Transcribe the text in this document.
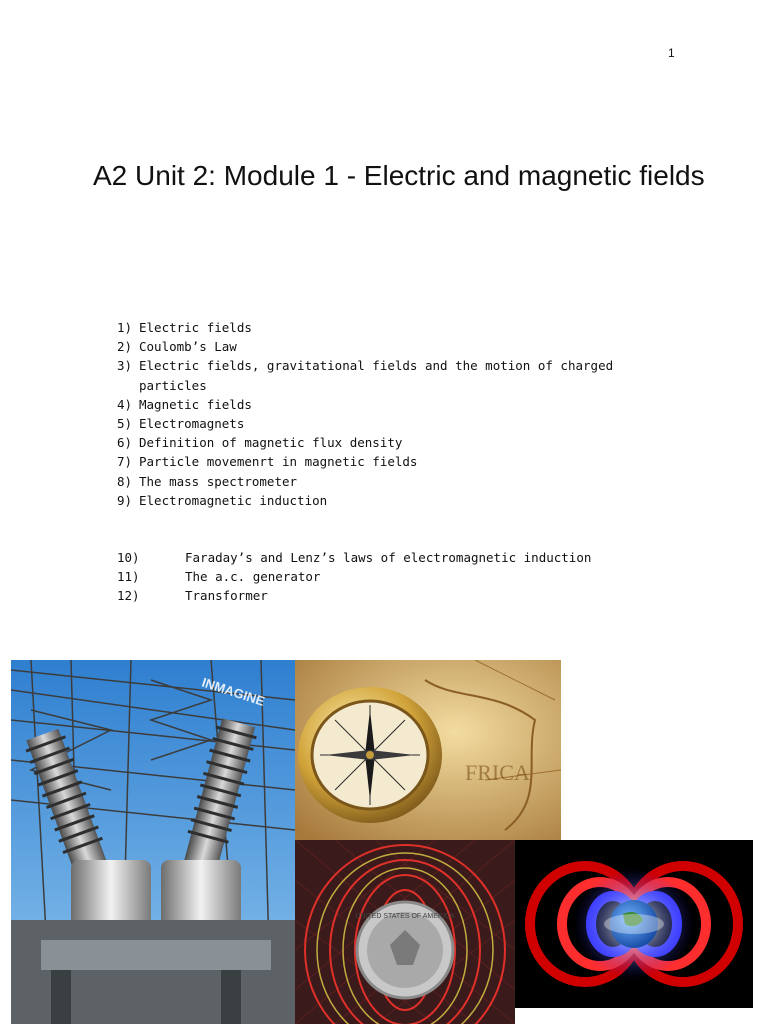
1
A2 Unit 2: Module 1 - Electric and magnetic fields
1) Electric fields
2) Coulomb’s Law
3) Electric fields, gravitational fields and the motion of charged particles
4) Magnetic fields
5) Electromagnets
6) Definition of magnetic flux density
7) Particle movemenrt in magnetic fields
8) The mass spectrometer
9) Electromagnetic induction
10)	Faraday’s and Lenz’s laws of electromagnetic induction
11)	The a.c. generator
12)	Transformer
INMAGINE
FRICA
UNITED STATES OF AMERICA
